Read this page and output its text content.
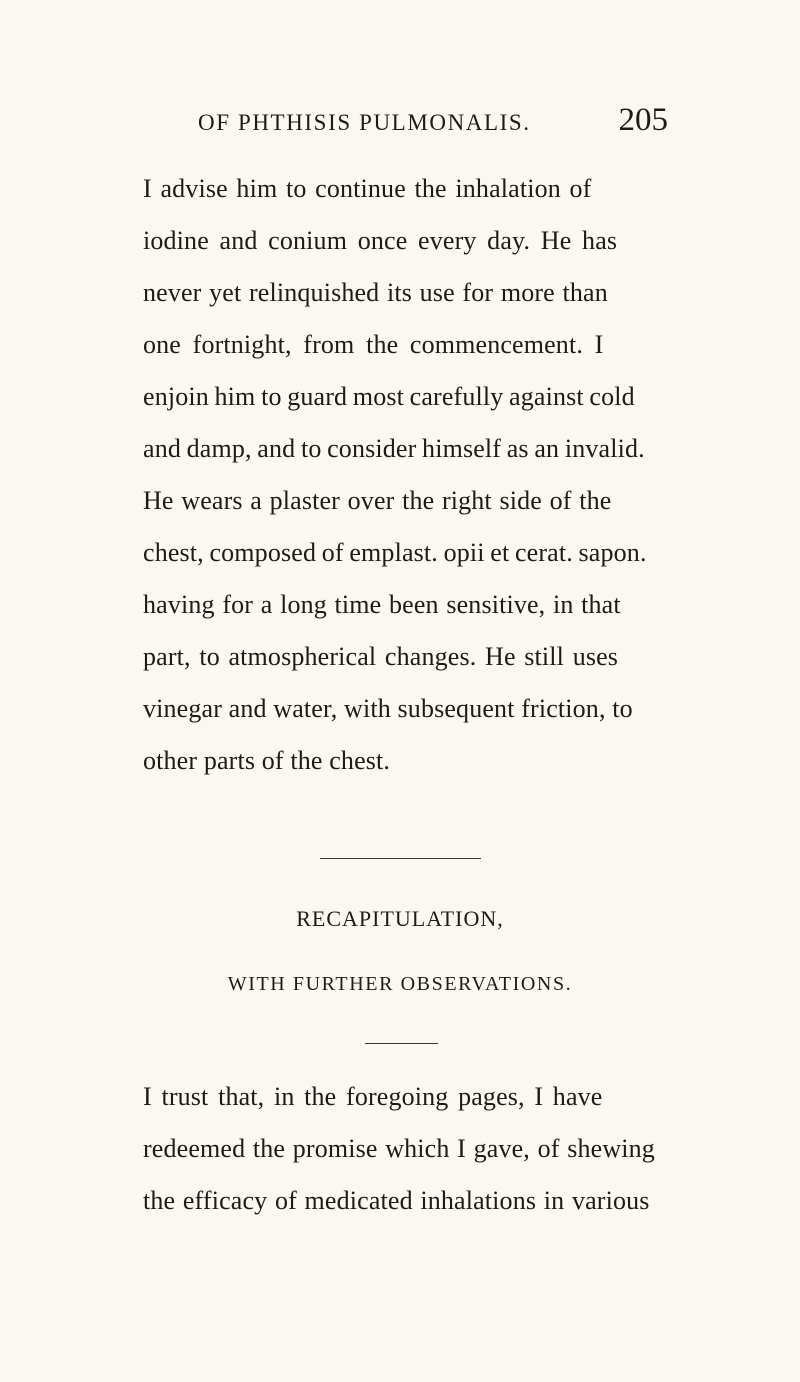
OF PHTHISIS PULMONALIS.	205
I advise him to continue the inhalation of
iodine and conium once every day. He has
never yet relinquished its use for more than
one fortnight, from the commencement. I
enjoin him to guard most carefully against cold
and damp, and to consider himself as an invalid.
He wears a plaster over the right side of the
chest, composed of emplast. opii et cerat. sapon.
having for a long time been sensitive, in that
part, to atmospherical changes. He still uses
vinegar and water, with subsequent friction, to
other parts of the chest.
RECAPITULATION,
WITH FURTHER OBSERVATIONS.
I trust that, in the foregoing pages, I have
redeemed the promise which I gave, of shewing
the efficacy of medicated inhalations in various
